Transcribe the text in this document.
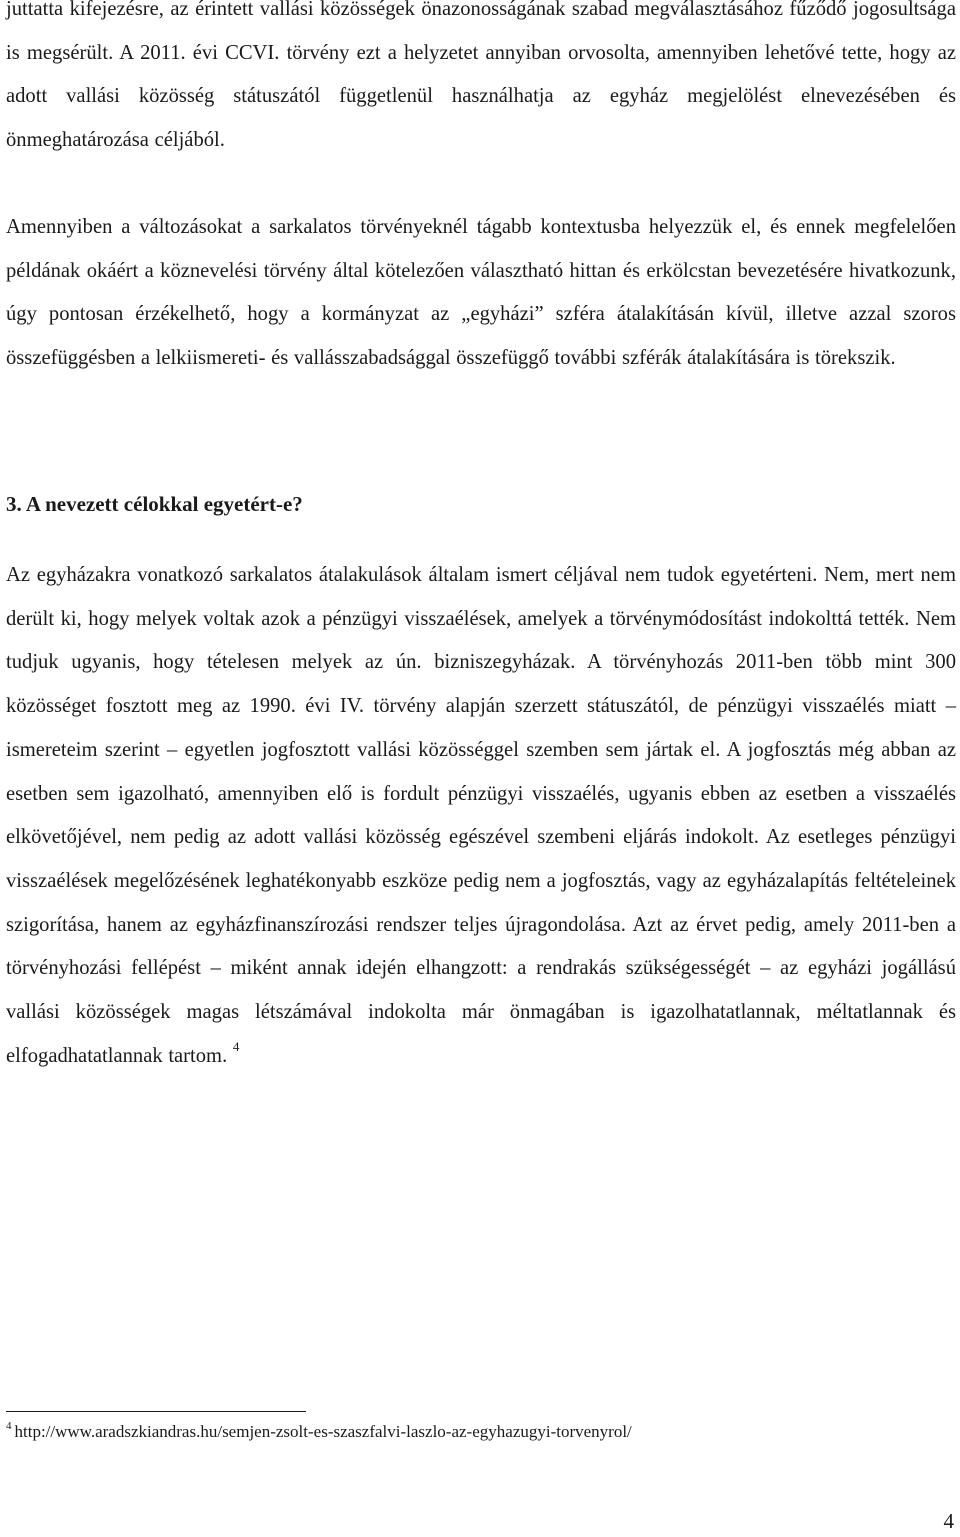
juttatta kifejezésre, az érintett vallási közösségek önazonosságának szabad megválasztásához fűződő jogosultsága is megsérült. A 2011. évi CCVI. törvény ezt a helyzetet annyiban orvosolta, amennyiben lehetővé tette, hogy az adott vallási közösség státuszától függetlenül használhatja az egyház megjelölést elnevezésében és önmeghatározása céljából.

Amennyiben a változásokat a sarkalatos törvényeknél tágabb kontextusba helyezzük el, és ennek megfelelően példának okáért a köznevelési törvény által kötelezően választható hittan és erkölcstan bevezetésére hivatkozunk, úgy pontosan érzékelhető, hogy a kormányzat az „egyházi” szféra átalakításán kívül, illetve azzal szoros összefüggésben a lelkiismereti- és vallásszabadsággal összefüggő további szférák átalakítására is törekszik.

3. A nevezett célokkal egyetért-e?

Az egyházakra vonatkozó sarkalatos átalakulások általam ismert céljával nem tudok egyetérteni. Nem, mert nem derült ki, hogy melyek voltak azok a pénzügyi visszaélések, amelyek a törvénymódosítást indokolttá tették. Nem tudjuk ugyanis, hogy tételesen melyek az ún. bizniszegyházak. A törvényhozás 2011-ben több mint 300 közösséget fosztott meg az 1990. évi IV. törvény alapján szerzett státuszától, de pénzügyi visszaélés miatt – ismereteim szerint – egyetlen jogfosztott vallási közösséggel szemben sem jártak el. A jogfosztás még abban az esetben sem igazolható, amennyiben elő is fordult pénzügyi visszaélés, ugyanis ebben az esetben a visszaélés elkövetőjével, nem pedig az adott vallási közösség egészével szembeni eljárás indokolt. Az esetleges pénzügyi visszaélések megelőzésének leghatékonyabb eszköze pedig nem a jogfosztás, vagy az egyházalapítás feltételeinek szigorítása, hanem az egyházfinanszírozási rendszer teljes újragondolása. Azt az érvet pedig, amely 2011-ben a törvényhozási fellépést – miként annak idején elhangzott: a rendrakás szükségességét – az egyházi jogállású vallási közösségek magas létszámával indokolta már önmagában is igazolhatatlannak, méltatlannak és elfogadhatatlannak tartom. $^4$

$^4$ http://www.aradszkiandras.hu/semjen-zsolt-es-szaszfalvi-laszlo-az-egyhazugyi-torvenyrol/
4
